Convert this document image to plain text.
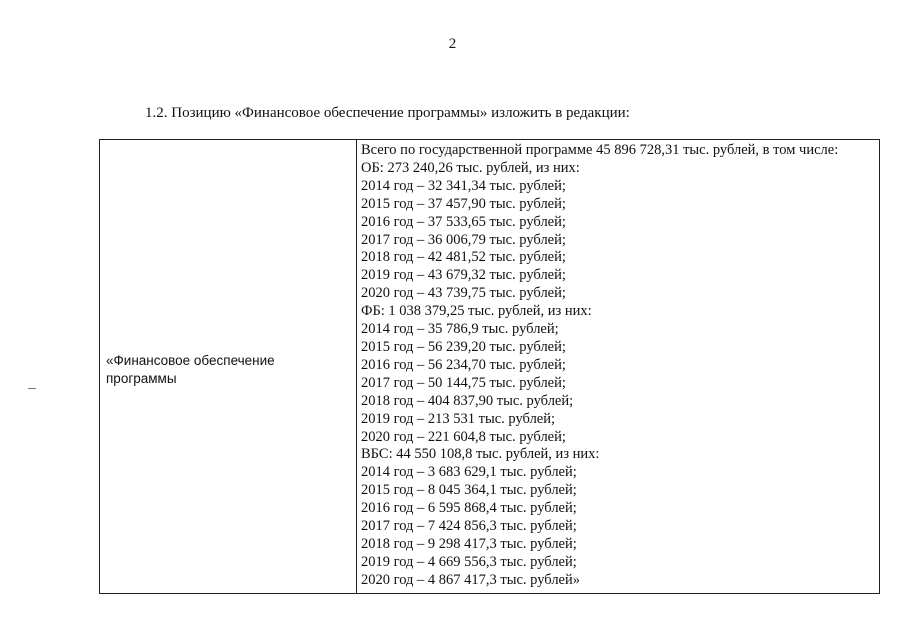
2
1.2. Позицию «Финансовое обеспечение программы» изложить в редакции:
«Финансовое обеспечение программы
Всего по государственной программе 45 896 728,31 тыс. рублей, в том числе:
ОБ: 273 240,26 тыс. рублей, из них:
2014 год – 32 341,34 тыс. рублей;
2015 год – 37 457,90 тыс. рублей;
2016 год – 37 533,65 тыс. рублей;
2017 год – 36 006,79 тыс. рублей;
2018 год – 42 481,52 тыс. рублей;
2019 год – 43 679,32 тыс. рублей;
2020 год – 43 739,75 тыс. рублей;
ФБ: 1 038 379,25 тыс. рублей, из них:
2014 год – 35 786,9 тыс. рублей;
2015 год – 56 239,20 тыс. рублей;
2016 год – 56 234,70 тыс. рублей;
2017 год – 50 144,75 тыс. рублей;
2018 год – 404 837,90 тыс. рублей;
2019 год – 213 531 тыс. рублей;
2020 год – 221 604,8 тыс. рублей;
ВБС: 44 550 108,8 тыс. рублей, из них:
2014 год – 3 683 629,1 тыс. рублей;
2015 год – 8 045 364,1 тыс. рублей;
2016 год – 6 595 868,4 тыс. рублей;
2017 год – 7 424 856,3 тыс. рублей;
2018 год – 9 298 417,3 тыс. рублей;
2019 год – 4 669 556,3 тыс. рублей;
2020 год – 4 867 417,3 тыс. рублей»
